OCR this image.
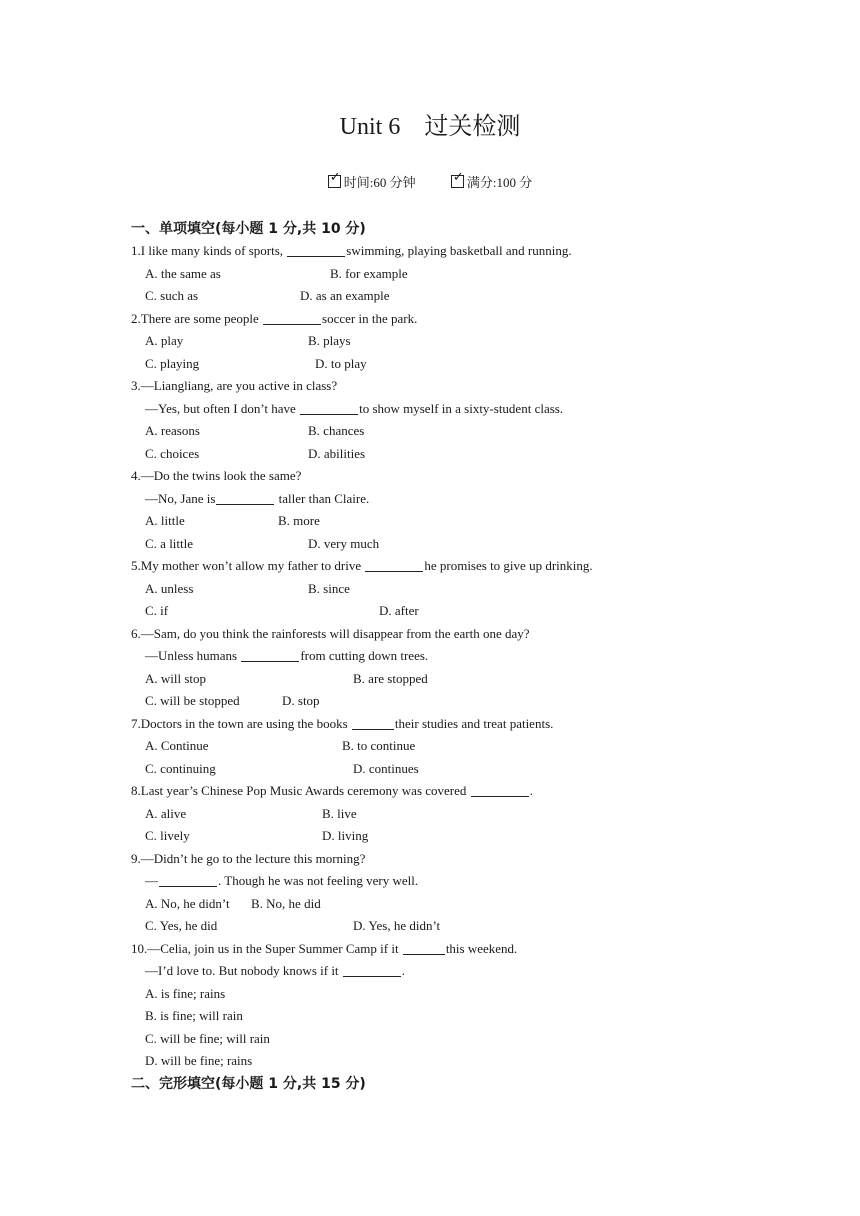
Unit 6　过关检测
✓ 时间:60 分钟	✓ 满分:100 分
一、单项填空(每小题 1 分,共 10 分)
1.I like many kinds of sports,	swimming, playing basketball and running.
A. the same as	B. for example
C. such as	D. as an example
2.There are some people	soccer in the park.
A. play	B. plays
C. playing	D. to play
3.—Liangliang, are you active in class?
—Yes, but often I don’t have	to show myself in a sixty-student class.
A. reasons	B. chances
C. choices	D. abilities
4.—Do the twins look the same?
—No, Jane is	taller than Claire.
A. little	B. more
C. a little	D. very much
5.My mother won’t allow my father to drive	he promises to give up drinking.
A. unless	B. since
C. if	D. after
6.—Sam, do you think the rainforests will disappear from the earth one day?
—Unless humans	from cutting down trees.
A. will stop	B. are stopped
C. will be stopped	D. stop
7.Doctors in the town are using the books	their studies and treat patients.
A. Continue	B. to continue
C. continuing	D. continues
8.Last year’s Chinese Pop Music Awards ceremony was covered	.
A. alive	B. live
C. lively	D. living
9.—Didn’t he go to the lecture this morning?
—	. Though he was not feeling very well.
A. No, he didn’t B. No, he did
C. Yes, he did	D. Yes, he didn’t
10.—Celia, join us in the Super Summer Camp if it	this weekend.
—I’d love to. But nobody knows if it	.
A. is fine; rains
B. is fine; will rain
C. will be fine; will rain
D. will be fine; rains
二、完形填空(每小题 1 分,共 15 分)
